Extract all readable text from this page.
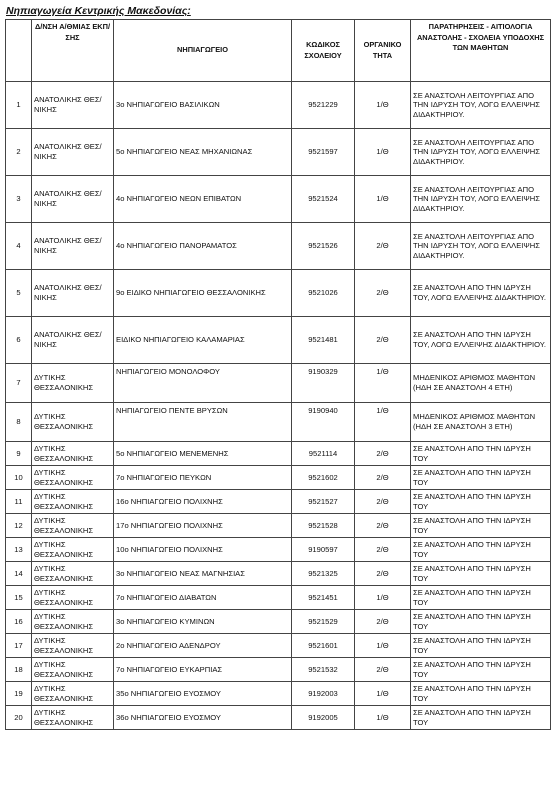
Νηπιαγωγεία Κεντρικής Μακεδονίας:
	Δ/ΝΣΗ Α/ΘΜΙΑΣ ΕΚΠ/ΣΗΣ	ΝΗΠΙΑΓΩΓΕΙΟ	ΚΩΔΙΚΟΣ ΣΧΟΛΕΙΟΥ	ΟΡΓΑΝΙΚΟ ΤΗΤΑ	ΠΑΡΑΤΗΡΗΣΕΙΣ - ΑΙΤΙΟΛΟΓΙΑ ΑΝΑΣΤΟΛΗΣ - ΣΧΟΛΕΙΑ ΥΠΟΔΟΧΗΣ ΤΩΝ ΜΑΘΗΤΩΝ
1	ΑΝΑΤΟΛΙΚΗΣ ΘΕΣ/ΝΙΚΗΣ	3ο ΝΗΠΙΑΓΩΓΕΙΟ ΒΑΣΙΛΙΚΩΝ	9521229	1/Θ	ΣΕ ΑΝΑΣΤΟΛΗ ΛΕΙΤΟΥΡΓΙΑΣ ΑΠΟ ΤΗΝ ΙΔΡΥΣΗ ΤΟΥ, ΛΟΓΩ ΕΛΛΕΙΨΗΣ ΔΙΔΑΚΤΗΡΙΟΥ.
2	ΑΝΑΤΟΛΙΚΗΣ ΘΕΣ/ΝΙΚΗΣ	5ο ΝΗΠΙΑΓΩΓΕΙΟ ΝΕΑΣ ΜΗΧΑΝΙΩΝΑΣ	9521597	1/Θ	ΣΕ ΑΝΑΣΤΟΛΗ ΛΕΙΤΟΥΡΓΙΑΣ ΑΠΟ ΤΗΝ ΙΔΡΥΣΗ ΤΟΥ, ΛΟΓΩ ΕΛΛΕΙΨΗΣ ΔΙΔΑΚΤΗΡΙΟΥ.
3	ΑΝΑΤΟΛΙΚΗΣ ΘΕΣ/ΝΙΚΗΣ	4ο ΝΗΠΙΑΓΩΓΕΙΟ ΝΕΩΝ ΕΠΙΒΑΤΩΝ	9521524	1/Θ	ΣΕ ΑΝΑΣΤΟΛΗ ΛΕΙΤΟΥΡΓΙΑΣ ΑΠΟ ΤΗΝ ΙΔΡΥΣΗ ΤΟΥ, ΛΟΓΩ ΕΛΛΕΙΨΗΣ ΔΙΔΑΚΤΗΡΙΟΥ.
4	ΑΝΑΤΟΛΙΚΗΣ ΘΕΣ/ΝΙΚΗΣ	4ο ΝΗΠΙΑΓΩΓΕΙΟ ΠΑΝΟΡΑΜΑΤΟΣ	9521526	2/Θ	ΣΕ ΑΝΑΣΤΟΛΗ ΛΕΙΤΟΥΡΓΙΑΣ ΑΠΟ ΤΗΝ ΙΔΡΥΣΗ ΤΟΥ, ΛΟΓΩ ΕΛΛΕΙΨΗΣ ΔΙΔΑΚΤΗΡΙΟΥ.
5	ΑΝΑΤΟΛΙΚΗΣ ΘΕΣ/ΝΙΚΗΣ	9ο ΕΙΔΙΚΟ ΝΗΠΙΑΓΩΓΕΙΟ ΘΕΣΣΑΛΟΝΙΚΗΣ	9521026	2/Θ	ΣΕ ΑΝΑΣΤΟΛΗ ΑΠΟ ΤΗΝ ΙΔΡΥΣΗ ΤΟΥ, ΛΟΓΩ ΕΛΛΕΙΨΗΣ ΔΙΔΑΚΤΗΡΙΟΥ.
6	ΑΝΑΤΟΛΙΚΗΣ ΘΕΣ/ΝΙΚΗΣ	ΕΙΔΙΚΟ ΝΗΠΙΑΓΩΓΕΙΟ ΚΑΛΑΜΑΡΙΑΣ	9521481	2/Θ	ΣΕ ΑΝΑΣΤΟΛΗ ΑΠΟ ΤΗΝ ΙΔΡΥΣΗ ΤΟΥ, ΛΟΓΩ ΕΛΛΕΙΨΗΣ ΔΙΔΑΚΤΗΡΙΟΥ.
7	ΔΥΤΙΚΗΣ ΘΕΣΣΑΛΟΝΙΚΗΣ	ΝΗΠΙΑΓΩΓΕΙΟ ΜΟΝΟΛΟΦΟΥ	9190329	1/Θ	ΜΗΔΕΝΙΚΟΣ ΑΡΙΘΜΟΣ ΜΑΘΗΤΩΝ (ΗΔΗ ΣΕ ΑΝΑΣΤΟΛΗ 4 ΕΤΗ)
8	ΔΥΤΙΚΗΣ ΘΕΣΣΑΛΟΝΙΚΗΣ	ΝΗΠΙΑΓΩΓΕΙΟ ΠΕΝΤΕ ΒΡΥΣΩΝ	9190940	1/Θ	ΜΗΔΕΝΙΚΟΣ ΑΡΙΘΜΟΣ ΜΑΘΗΤΩΝ (ΗΔΗ ΣΕ ΑΝΑΣΤΟΛΗ 3 ΕΤΗ)
9	ΔΥΤΙΚΗΣ ΘΕΣΣΑΛΟΝΙΚΗΣ	5ο ΝΗΠΙΑΓΩΓΕΙΟ ΜΕΝΕΜΕΝΗΣ	9521114	2/Θ	ΣΕ ΑΝΑΣΤΟΛΗ ΑΠΟ ΤΗΝ ΙΔΡΥΣΗ ΤΟΥ
10	ΔΥΤΙΚΗΣ ΘΕΣΣΑΛΟΝΙΚΗΣ	7ο ΝΗΠΙΑΓΩΓΕΙΟ ΠΕΥΚΩΝ	9521602	2/Θ	ΣΕ ΑΝΑΣΤΟΛΗ ΑΠΟ ΤΗΝ ΙΔΡΥΣΗ ΤΟΥ
11	ΔΥΤΙΚΗΣ ΘΕΣΣΑΛΟΝΙΚΗΣ	16ο ΝΗΠΙΑΓΩΓΕΙΟ ΠΟΛΙΧΝΗΣ	9521527	2/Θ	ΣΕ ΑΝΑΣΤΟΛΗ ΑΠΟ ΤΗΝ ΙΔΡΥΣΗ ΤΟΥ
12	ΔΥΤΙΚΗΣ ΘΕΣΣΑΛΟΝΙΚΗΣ	17ο ΝΗΠΙΑΓΩΓΕΙΟ ΠΟΛΙΧΝΗΣ	9521528	2/Θ	ΣΕ ΑΝΑΣΤΟΛΗ ΑΠΟ ΤΗΝ ΙΔΡΥΣΗ ΤΟΥ
13	ΔΥΤΙΚΗΣ ΘΕΣΣΑΛΟΝΙΚΗΣ	10ο ΝΗΠΙΑΓΩΓΕΙΟ ΠΟΛΙΧΝΗΣ	9190597	2/Θ	ΣΕ ΑΝΑΣΤΟΛΗ ΑΠΟ ΤΗΝ ΙΔΡΥΣΗ ΤΟΥ
14	ΔΥΤΙΚΗΣ ΘΕΣΣΑΛΟΝΙΚΗΣ	3ο ΝΗΠΙΑΓΩΓΕΙΟ ΝΕΑΣ ΜΑΓΝΗΣΙΑΣ	9521325	2/Θ	ΣΕ ΑΝΑΣΤΟΛΗ ΑΠΟ ΤΗΝ ΙΔΡΥΣΗ ΤΟΥ
15	ΔΥΤΙΚΗΣ ΘΕΣΣΑΛΟΝΙΚΗΣ	7ο ΝΗΠΙΑΓΩΓΕΙΟ ΔΙΑΒΑΤΩΝ	9521451	1/Θ	ΣΕ ΑΝΑΣΤΟΛΗ ΑΠΟ ΤΗΝ ΙΔΡΥΣΗ ΤΟΥ
16	ΔΥΤΙΚΗΣ ΘΕΣΣΑΛΟΝΙΚΗΣ	3ο ΝΗΠΙΑΓΩΓΕΙΟ ΚΥΜΙΝΩΝ	9521529	2/Θ	ΣΕ ΑΝΑΣΤΟΛΗ ΑΠΟ ΤΗΝ ΙΔΡΥΣΗ ΤΟΥ
17	ΔΥΤΙΚΗΣ ΘΕΣΣΑΛΟΝΙΚΗΣ	2ο ΝΗΠΙΑΓΩΓΕΙΟ ΑΔΕΝΔΡΟΥ	9521601	1/Θ	ΣΕ ΑΝΑΣΤΟΛΗ ΑΠΟ ΤΗΝ ΙΔΡΥΣΗ ΤΟΥ
18	ΔΥΤΙΚΗΣ ΘΕΣΣΑΛΟΝΙΚΗΣ	7ο ΝΗΠΙΑΓΩΓΕΙΟ ΕΥΚΑΡΠΙΑΣ	9521532	2/Θ	ΣΕ ΑΝΑΣΤΟΛΗ ΑΠΟ ΤΗΝ ΙΔΡΥΣΗ ΤΟΥ
19	ΔΥΤΙΚΗΣ ΘΕΣΣΑΛΟΝΙΚΗΣ	35ο ΝΗΠΙΑΓΩΓΕΙΟ ΕΥΟΣΜΟΥ	9192003	1/Θ	ΣΕ ΑΝΑΣΤΟΛΗ ΑΠΟ ΤΗΝ ΙΔΡΥΣΗ ΤΟΥ
20	ΔΥΤΙΚΗΣ ΘΕΣΣΑΛΟΝΙΚΗΣ	36ο ΝΗΠΙΑΓΩΓΕΙΟ ΕΥΟΣΜΟΥ	9192005	1/Θ	ΣΕ ΑΝΑΣΤΟΛΗ ΑΠΟ ΤΗΝ ΙΔΡΥΣΗ ΤΟΥ
